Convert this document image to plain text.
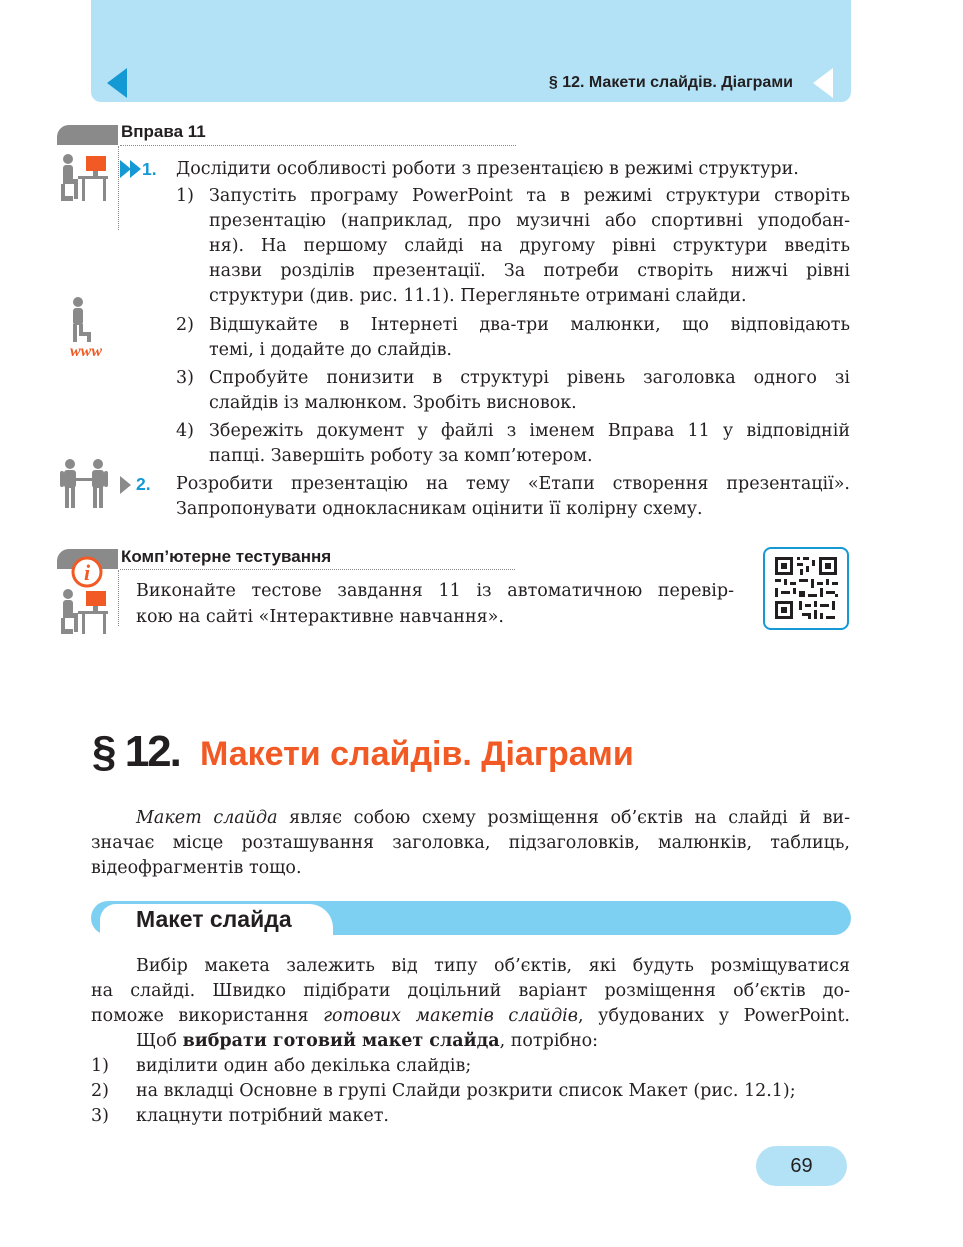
§ 12. Макети слайдів. Діаграми
Вправа 11
1. Дослідити особливості роботи з презентацією в режимі структури.
1) Запустіть програму PowerPoint та в режимі структури створіть
презентацію (наприклад, про музичні або спортивні уподобан-
ня). На першому слайді на другому рівні структури введіть
назви розділів презентації. За потреби створіть нижчі рівні
структури (див. рис. 11.1). Перегляньте отримані слайди.
www
2) Відшукайте в Інтернеті два-три малюнки, що відповідають
темі, і додайте до слайдів.
3) Спробуйте понизити в структурі рівень заголовка одного зі
слайдів із малюнком. Зробіть висновок.
4) Збережіть документ у файлі з іменем Вправа 11 у відповідній
папці. Завершіть роботу за комп’ютером.
2. Розробити презентацію на тему «Етапи створення презентації».
Запропонувати однокласникам оцінити її колірну схему.
Комп’ютерне тестування
i
Виконайте тестове завдання 11 із автоматичною перевір-
кою на сайті «Інтерактивне навчання».
§ 12. Макети слайдів. Діаграми
Макет слайда являє собою схему розміщення об’єктів на слайді й ви-
значає місце розташування заголовка, підзаголовків, малюнків, таблиць,
відеофрагментів тощо.
Макет слайда
Вибір макета залежить від типу об’єктів, які будуть розміщуватися
на слайді. Швидко підібрати доцільний варіант розміщення об’єктів до-
поможе використання готових макетів слайдів, убудованих у PowerPoint.
Щоб вибрати готовий макет слайда, потрібно:
1) виділити один або декілька слайдів;
2) на вкладці Основне в групі Слайди розкрити список Макет (рис. 12.1);
3) клацнути потрібний макет.
69
